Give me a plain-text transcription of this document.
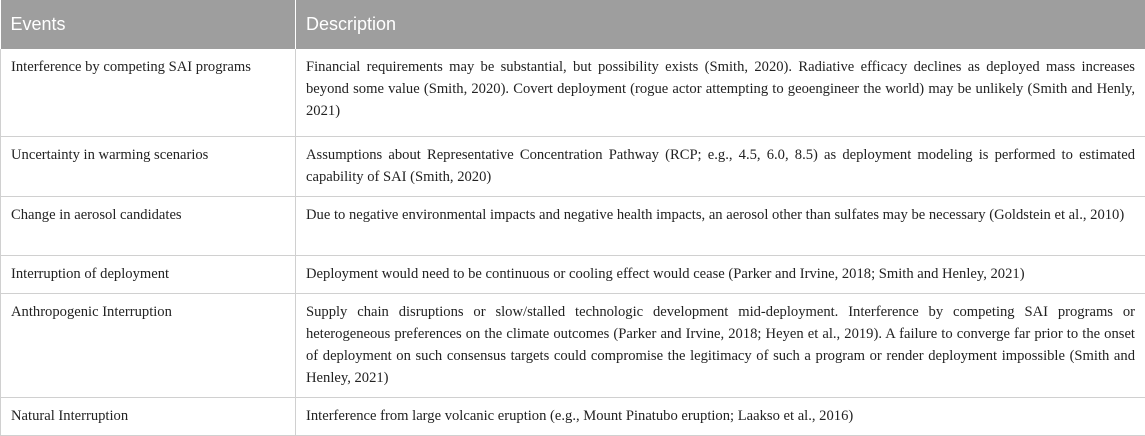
Events	Description
Interference by competing SAI programs	Financial requirements may be substantial, but possibility exists (Smith, 2020). Radiative efficacy declines as deployed mass increases beyond some value (Smith, 2020). Covert deployment (rogue actor attempting to geoengineer the world) may be unlikely (Smith and Henly, 2021)
Uncertainty in warming scenarios	Assumptions about Representative Concentration Pathway (RCP; e.g., 4.5, 6.0, 8.5) as deployment modeling is performed to estimated capability of SAI (Smith, 2020)
Change in aerosol candidates	Due to negative environmental impacts and negative health impacts, an aerosol other than sulfates may be necessary (Goldstein et al., 2010)
Interruption of deployment	Deployment would need to be continuous or cooling effect would cease (Parker and Irvine, 2018; Smith and Henley, 2021)
Anthropogenic Interruption	Supply chain disruptions or slow/stalled technologic development mid-deployment. Interference by competing SAI programs or heterogeneous preferences on the climate outcomes (Parker and Irvine, 2018; Heyen et al., 2019). A failure to converge far prior to the onset of deployment on such consensus targets could compromise the legitimacy of such a program or render deployment impossible (Smith and Henley, 2021)
Natural Interruption	Interference from large volcanic eruption (e.g., Mount Pinatubo eruption; Laakso et al., 2016)
